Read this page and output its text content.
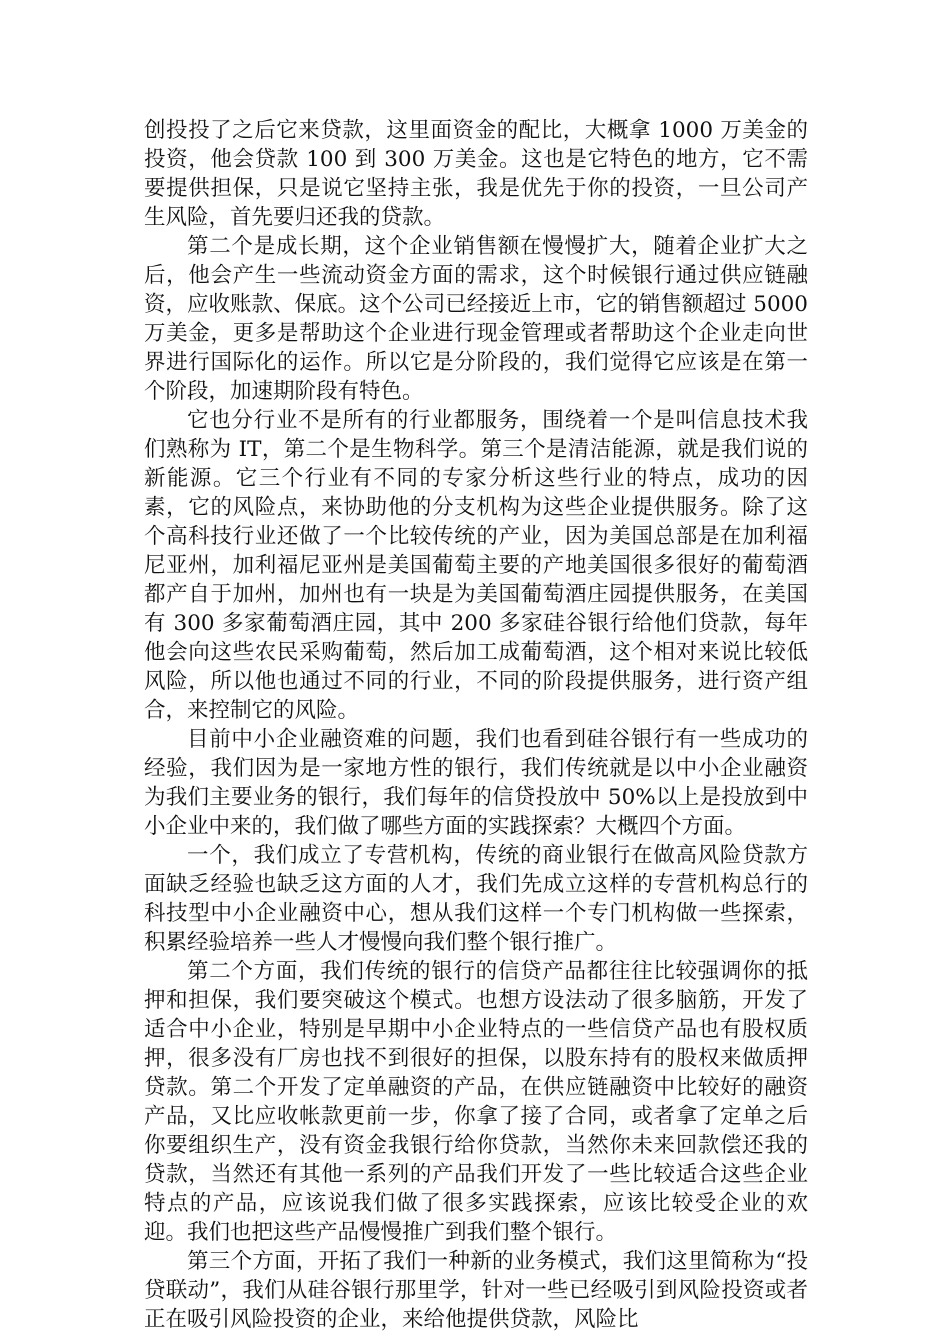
创投投了之后它来贷款，这里面资金的配比，大概拿 1000 万美金的投资，他会贷款 100 到 300 万美金。这也是它特色的地方，它不需要提供担保，只是说它坚持主张，我是优先于你的投资，一旦公司产生风险，首先要归还我的贷款。

第二个是成长期，这个企业销售额在慢慢扩大，随着企业扩大之后，他会产生一些流动资金方面的需求，这个时候银行通过供应链融资，应收账款、保底。这个公司已经接近上市，它的销售额超过 5000 万美金，更多是帮助这个企业进行现金管理或者帮助这个企业走向世界进行国际化的运作。所以它是分阶段的，我们觉得它应该是在第一个阶段，加速期阶段有特色。

它也分行业不是所有的行业都服务，围绕着一个是叫信息技术我们熟称为 IT，第二个是生物科学。第三个是清洁能源，就是我们说的新能源。它三个行业有不同的专家分析这些行业的特点，成功的因素，它的风险点，来协助他的分支机构为这些企业提供服务。除了这个高科技行业还做了一个比较传统的产业，因为美国总部是在加利福尼亚州，加利福尼亚州是美国葡萄主要的产地美国很多很好的葡萄酒都产自于加州，加州也有一块是为美国葡萄酒庄园提供服务，在美国有 300 多家葡萄酒庄园，其中 200 多家硅谷银行给他们贷款，每年他会向这些农民采购葡萄，然后加工成葡萄酒，这个相对来说比较低风险，所以他也通过不同的行业，不同的阶段提供服务，进行资产组合，来控制它的风险。

目前中小企业融资难的问题，我们也看到硅谷银行有一些成功的经验，我们因为是一家地方性的银行，我们传统就是以中小企业融资为我们主要业务的银行，我们每年的信贷投放中 50%以上是投放到中小企业中来的，我们做了哪些方面的实践探索？大概四个方面。

一个，我们成立了专营机构，传统的商业银行在做高风险贷款方面缺乏经验也缺乏这方面的人才，我们先成立这样的专营机构总行的科技型中小企业融资中心，想从我们这样一个专门机构做一些探索，积累经验培养一些人才慢慢向我们整个银行推广。

第二个方面，我们传统的银行的信贷产品都往往比较强调你的抵押和担保，我们要突破这个模式。也想方设法动了很多脑筋，开发了适合中小企业，特别是早期中小企业特点的一些信贷产品也有股权质押，很多没有厂房也找不到很好的担保，以股东持有的股权来做质押贷款。第二个开发了定单融资的产品，在供应链融资中比较好的融资产品，又比应收帐款更前一步，你拿了接了合同，或者拿了定单之后你要组织生产，没有资金我银行给你贷款，当然你未来回款偿还我的贷款，当然还有其他一系列的产品我们开发了一些比较适合这些企业特点的产品，应该说我们做了很多实践探索，应该比较受企业的欢迎。我们也把这些产品慢慢推广到我们整个银行。

第三个方面，开拓了我们一种新的业务模式，我们这里简称为“投贷联动”，我们从硅谷银行那里学，针对一些已经吸引到风险投资或者正在吸引风险投资的企业，来给他提供贷款，风险比
